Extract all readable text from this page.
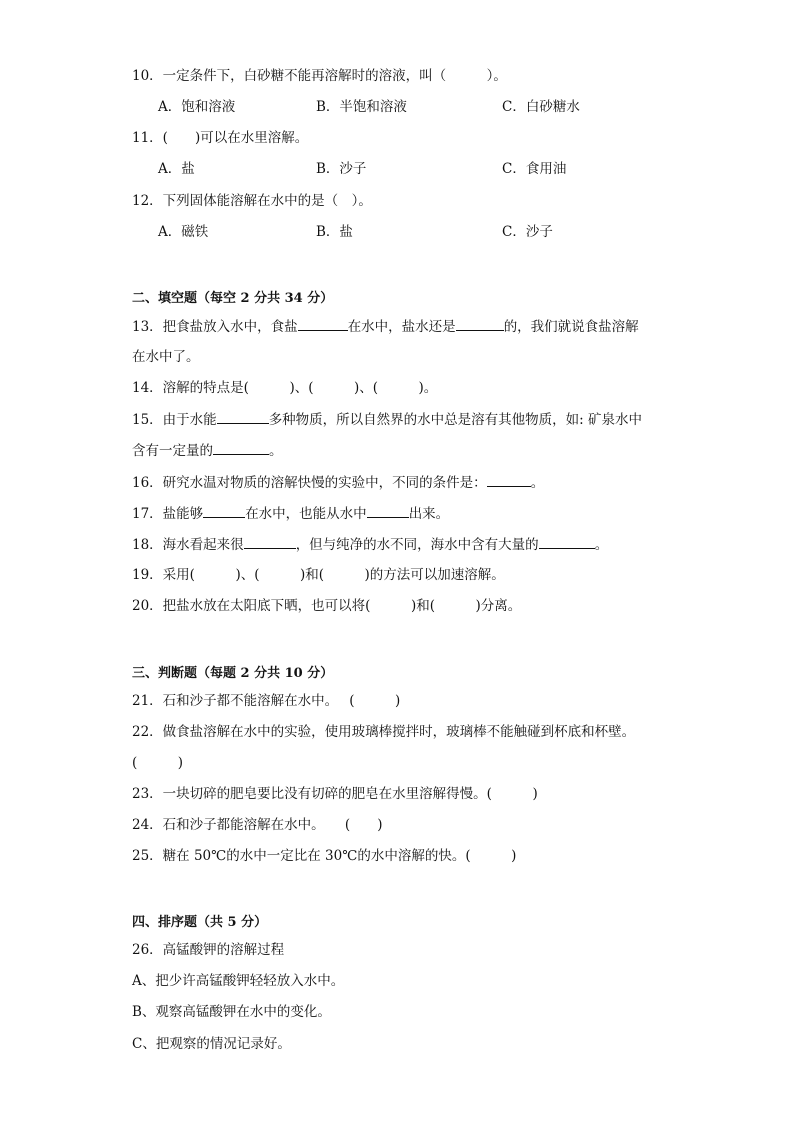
10．一定条件下，白砂糖不能再溶解时的溶液，叫（　　　）。
A．饱和溶液	B．半饱和溶液	C．白砂糖水
11．(　　)可以在水里溶解。
A．盐	B．沙子	C．食用油
12．下列固体能溶解在水中的是（　）。
A．磁铁	B．盐	C．沙子
二、填空题（每空 2 分共 34 分）
13．把食盐放入水中，食盐	在水中，盐水还是	的，我们就说食盐溶解
在水中了。
14．溶解的特点是(　　　)、(　　　)、(　　　)。
15．由于水能	多种物质，所以自然界的水中总是溶有其他物质，如: 矿泉水中
含有一定量的	。
16．研究水温对物质的溶解快慢的实验中，不同的条件是：	。
17．盐能够	在水中，也能从水中	出来。
18．海水看起来很	，但与纯净的水不同，海水中含有大量的	。
19．采用(　　　)、(　　　)和(　　　)的方法可以加速溶解。
20．把盐水放在太阳底下晒，也可以将(　　　)和(　　　)分离。
三、判断题（每题 2 分共 10 分）
21．石和沙子都不能溶解在水中。　 (　　　)
22．做食盐溶解在水中的实验，使用玻璃棒搅拌时，玻璃棒不能触碰到杯底和杯壁。
(　　　)
23．一块切碎的肥皂要比没有切碎的肥皂在水里溶解得慢。(　　　)
24．石和沙子都能溶解在水中。　　(　　)
25．糖在 50℃的水中一定比在 30℃的水中溶解的快。(　　　)
四、排序题（共 5 分）
26．高锰酸钾的溶解过程
A、把少许高锰酸钾轻轻放入水中。
B、观察高锰酸钾在水中的变化。
C、把观察的情况记录好。
